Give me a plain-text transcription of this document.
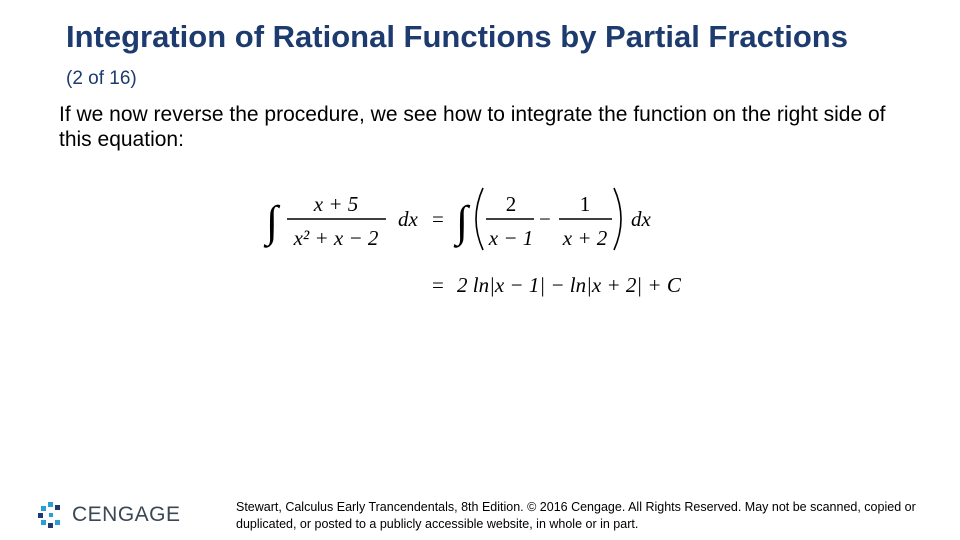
Integration of Rational Functions by Partial Fractions (2 of 16)
If we now reverse the procedure, we see how to integrate the function on the right side of this equation:
∫ x + 5
x² + x − 2
dx = ∫ 2
x − 1
−
1
x + 2
dx
= 2 ln|x − 1| − ln|x + 2| + C
CENGAGE	Stewart, Calculus Early Trancendentals, 8th Edition. © 2016 Cengage. All Rights Reserved. May not be scanned, copied or duplicated, or posted to a publicly accessible website, in whole or in part.
